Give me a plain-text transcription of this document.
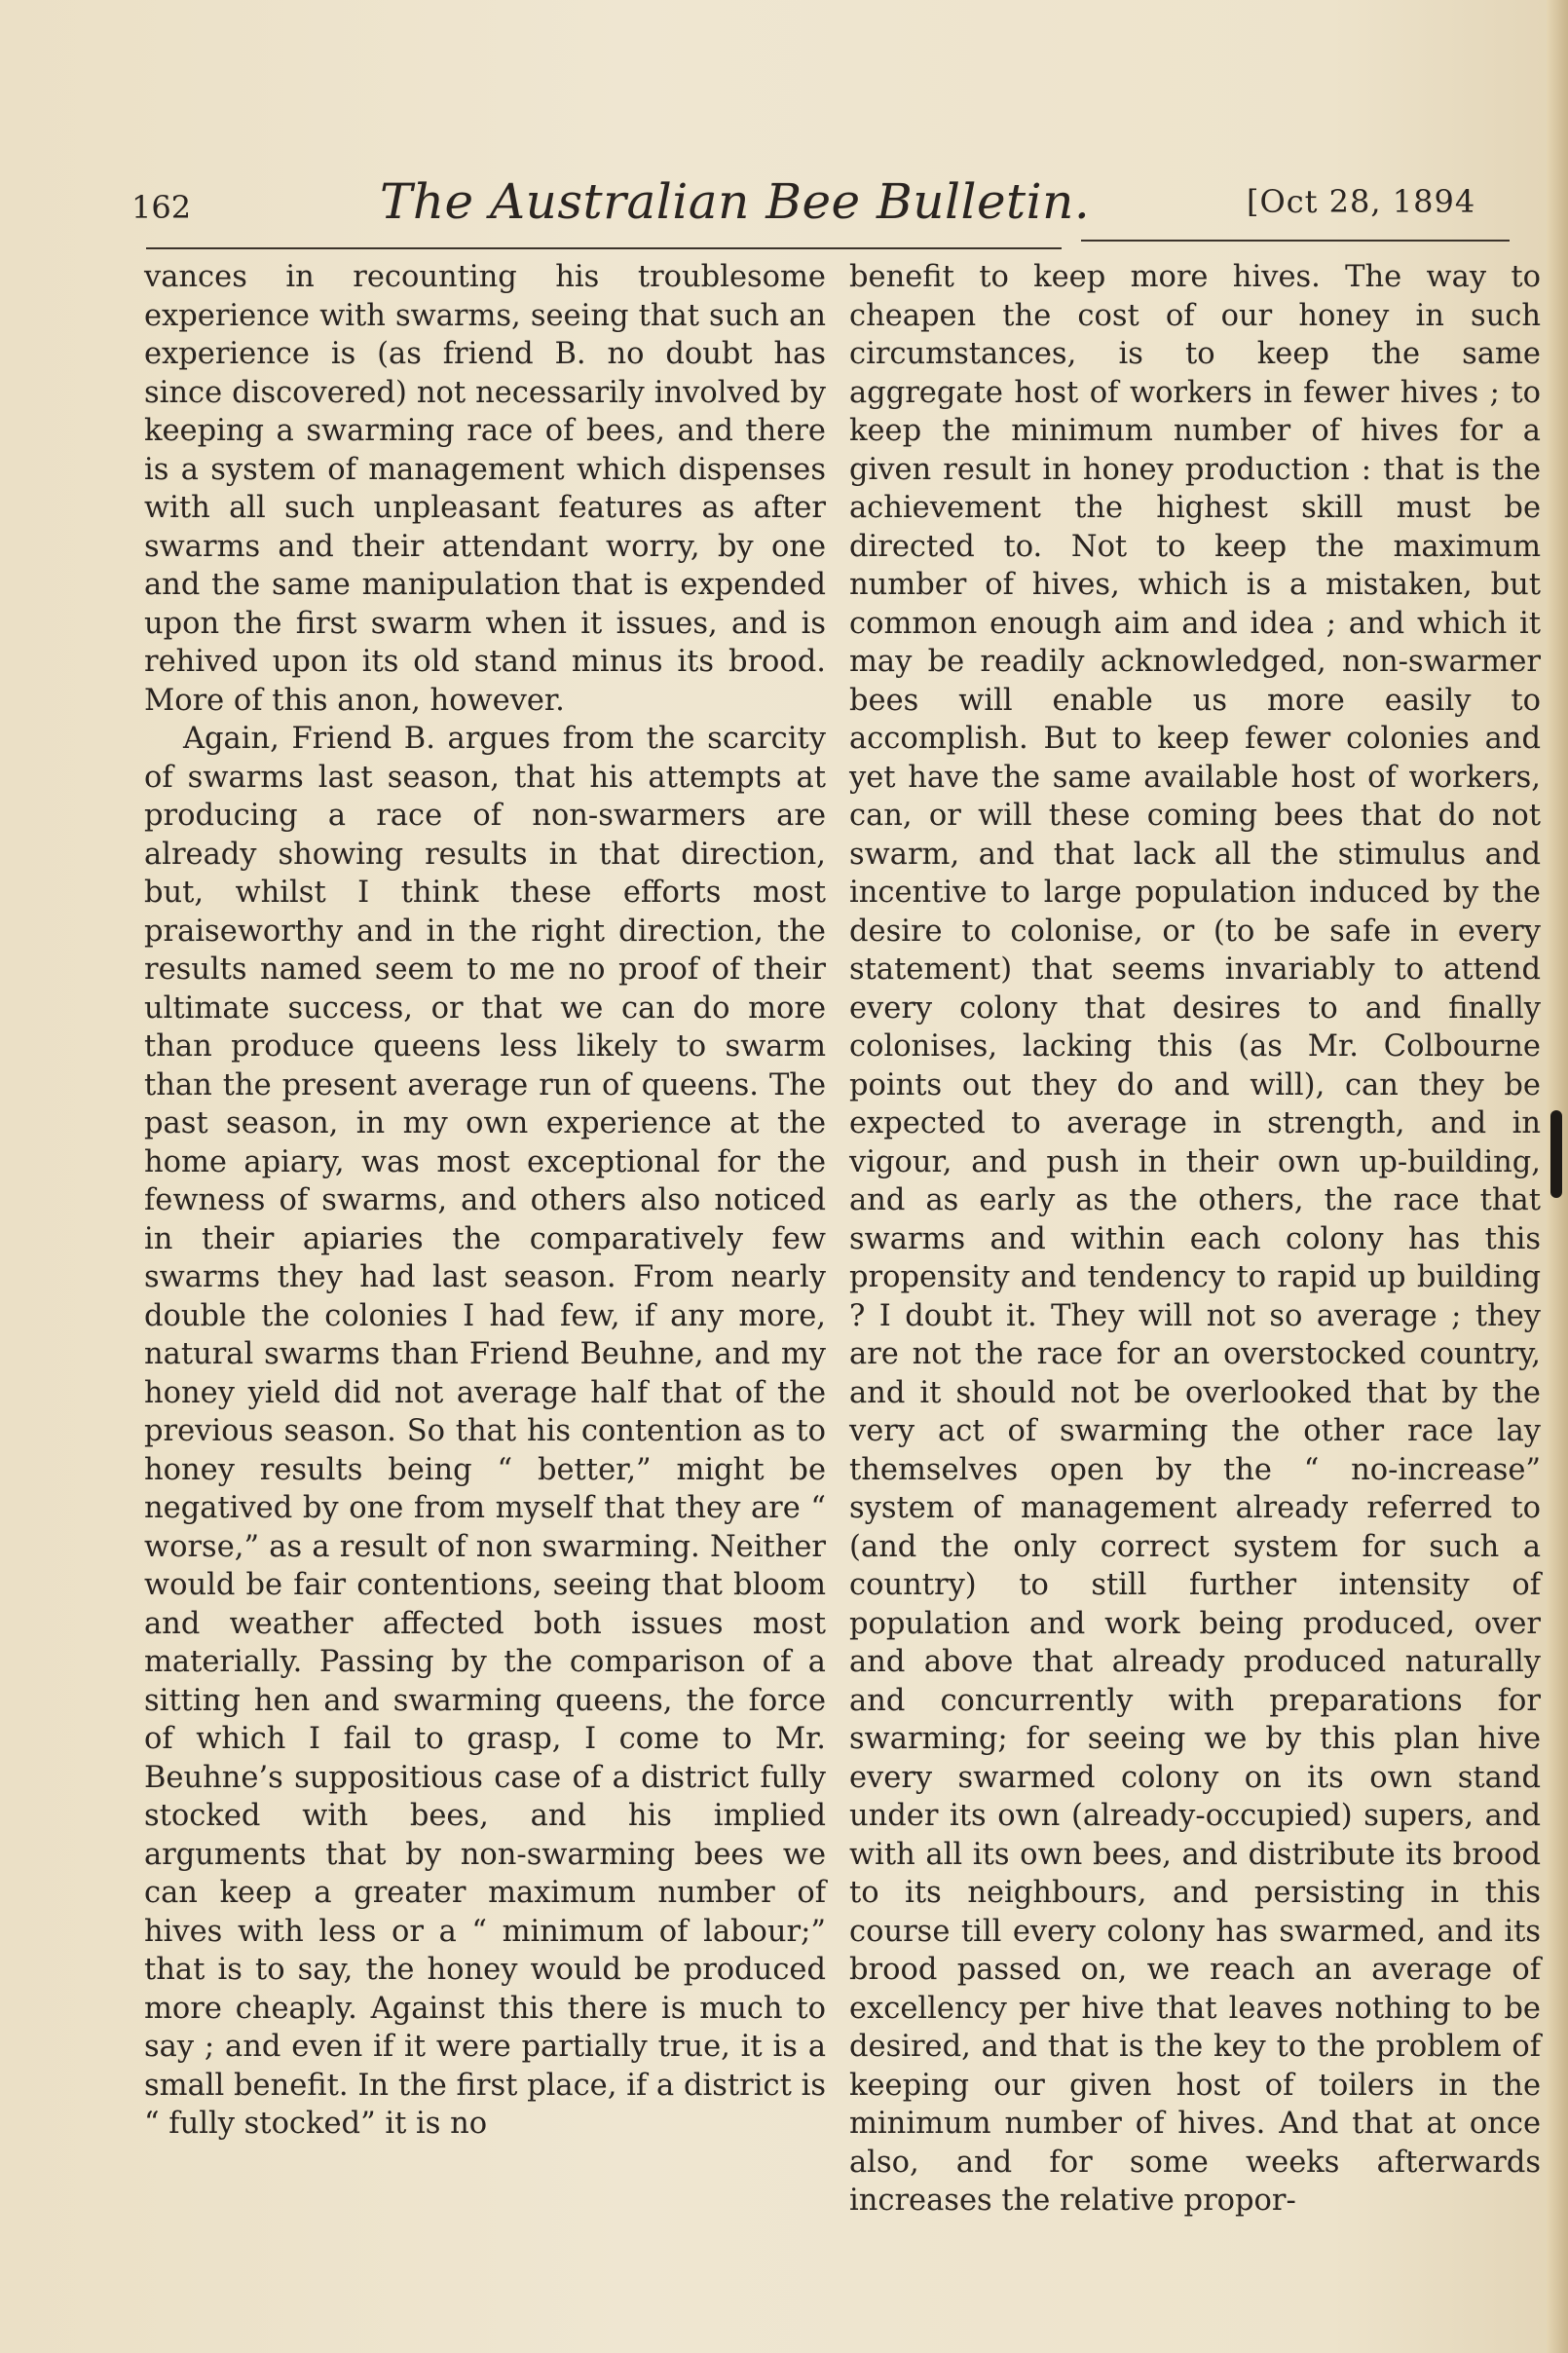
162	The Australian Bee Bulletin.	[Oct 28, 1894

vances in recounting his troublesome experience with swarms, seeing that such an experience is (as friend B. no doubt has since discovered) not necessarily involved by keeping a swarming race of bees, and there is a system of management which dispenses with all such unpleasant features as after swarms and their attendant worry, by one and the same manipulation that is expended upon the first swarm when it issues, and is rehived upon its old stand minus its brood. More of this anon, however.

Again, Friend B. argues from the scarcity of swarms last season, that his attempts at producing a race of non-swarmers are already showing results in that direction, but, whilst I think these efforts most praiseworthy and in the right direction, the results named seem to me no proof of their ultimate success, or that we can do more than produce queens less likely to swarm than the present average run of queens. The past season, in my own experience at the home apiary, was most exceptional for the fewness of swarms, and others also noticed in their apiaries the comparatively few swarms they had last season. From nearly double the colonies I had few, if any more, natural swarms than Friend Beuhne, and my honey yield did not average half that of the previous season. So that his contention as to honey results being “ better,” might be negatived by one from myself that they are “ worse,” as a result of non swarming. Neither would be fair contentions, seeing that bloom and weather affected both issues most materially. Passing by the comparison of a sitting hen and swarming queens, the force of which I fail to grasp, I come to Mr. Beuhne’s suppositious case of a district fully stocked with bees, and his implied arguments that by non-swarming bees we can keep a greater maximum number of hives with less or a “ minimum of labour;” that is to say, the honey would be produced more cheaply. Against this there is much to say ; and even if it were partially true, it is a small benefit. In the first place, if a district is “ fully stocked” it is no

benefit to keep more hives. The way to cheapen the cost of our honey in such circumstances, is to keep the same aggregate host of workers in fewer hives ; to keep the minimum number of hives for a given result in honey production : that is the achievement the highest skill must be directed to. Not to keep the maximum number of hives, which is a mistaken, but common enough aim and idea ; and which it may be readily acknowledged, non-swarmer bees will enable us more easily to accomplish. But to keep fewer colonies and yet have the same available host of workers, can, or will these coming bees that do not swarm, and that lack all the stimulus and incentive to large population induced by the desire to colonise, or (to be safe in every statement) that seems invariably to attend every colony that desires to and finally colonises, lacking this (as Mr. Colbourne points out they do and will), can they be expected to average in strength, and in vigour, and push in their own up-building, and as early as the others, the race that swarms and within each colony has this propensity and tendency to rapid up building ? I doubt it. They will not so average ; they are not the race for an overstocked country, and it should not be overlooked that by the very act of swarming the other race lay themselves open by the “ no-increase” system of management already referred to (and the only correct system for such a country) to still further intensity of population and work being produced, over and above that already produced naturally and concurrently with preparations for swarming; for seeing we by this plan hive every swarmed colony on its own stand under its own (already-occupied) supers, and with all its own bees, and distribute its brood to its neighbours, and persisting in this course till every colony has swarmed, and its brood passed on, we reach an average of excellency per hive that leaves nothing to be desired, and that is the key to the problem of keeping our given host of toilers in the minimum number of hives. And that at once also, and for some weeks afterwards increases the relative propor-
